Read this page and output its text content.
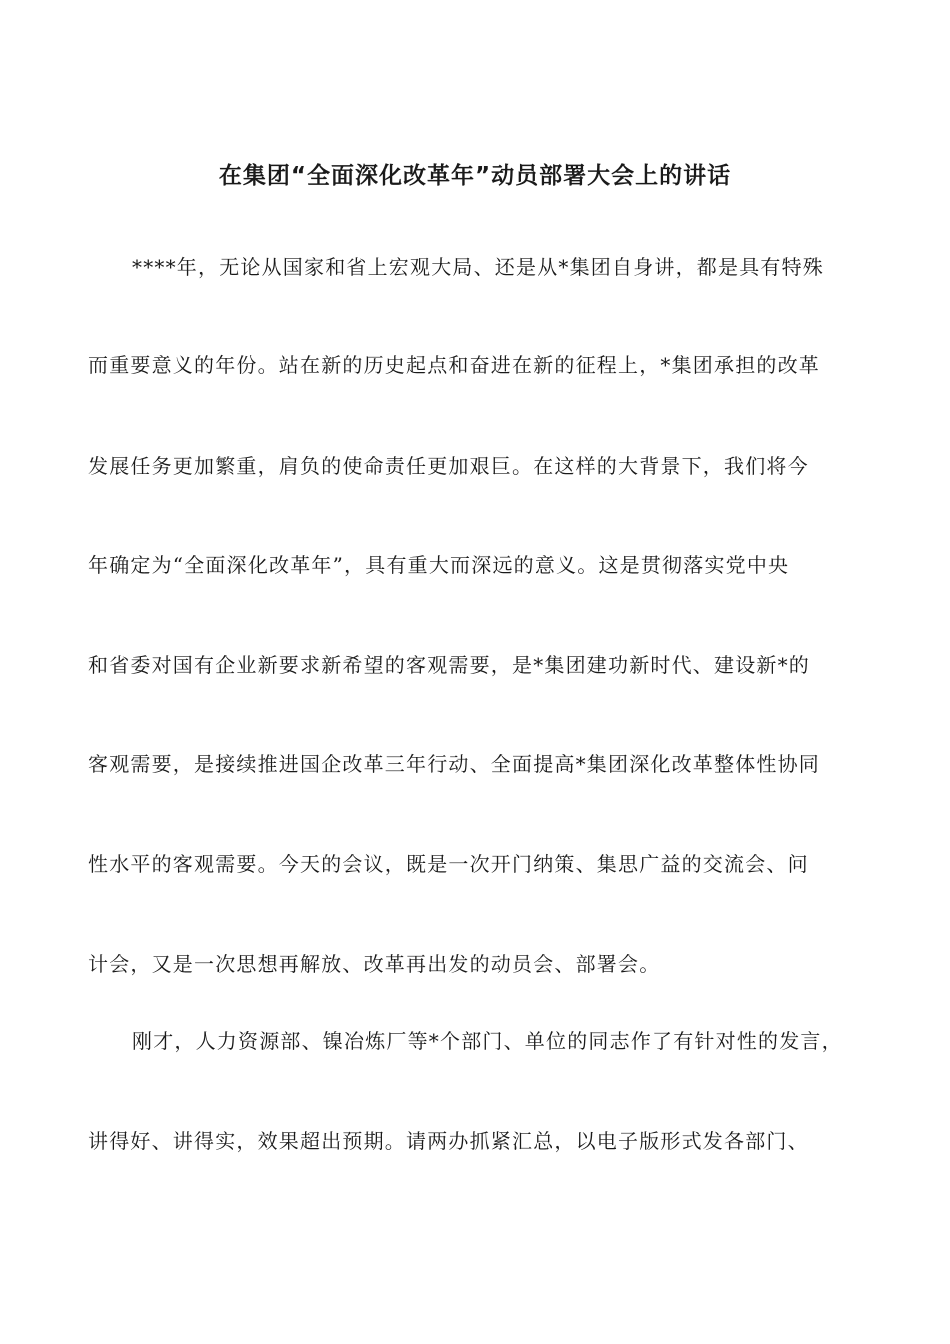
在集团“全面深化改革年”动员部署大会上的讲话
****年，无论从国家和省上宏观大局、还是从*集团自身讲，都是具有特殊
而重要意义的年份。站在新的历史起点和奋进在新的征程上，*集团承担的改革
发展任务更加繁重，肩负的使命责任更加艰巨。在这样的大背景下，我们将今
年确定为“全面深化改革年”，具有重大而深远的意义。这是贯彻落实党中央
和省委对国有企业新要求新希望的客观需要，是*集团建功新时代、建设新*的
客观需要，是接续推进国企改革三年行动、全面提高*集团深化改革整体性协同
性水平的客观需要。今天的会议，既是一次开门纳策、集思广益的交流会、问
计会，又是一次思想再解放、改革再出发的动员会、部署会。
刚才，人力资源部、镍冶炼厂等*个部门、单位的同志作了有针对性的发言，
讲得好、讲得实，效果超出预期。请两办抓紧汇总，以电子版形式发各部门、
